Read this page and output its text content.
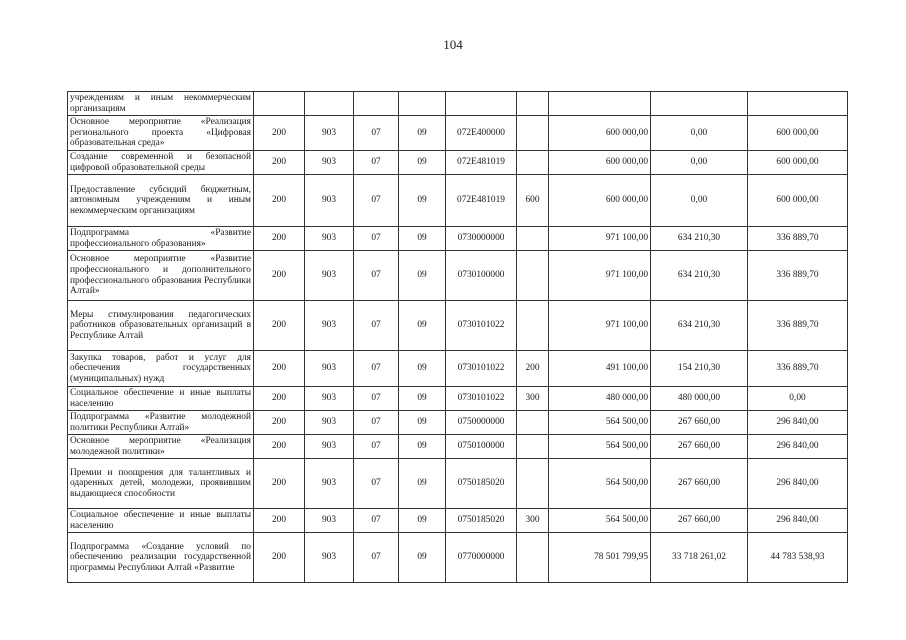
104
учреждениям и иным некоммерческим организациям									
Основное мероприятие «Реализация регионального проекта «Цифровая образовательная среда»	200	903	07	09	072E400000		600 000,00	0,00	600 000,00
Создание современной и безопасной цифровой образовательной среды	200	903	07	09	072E481019		600 000,00	0,00	600 000,00
Предоставление субсидий бюджетным, автономным учреждениям и иным некоммерческим организациям	200	903	07	09	072E481019	600	600 000,00	0,00	600 000,00
Подпрограмма «Развитие профессионального образования»	200	903	07	09	0730000000		971 100,00	634 210,30	336 889,70
Основное мероприятие «Развитие профессионального и дополнительного профессионального образования Республики Алтай»	200	903	07	09	0730100000		971 100,00	634 210,30	336 889,70
Меры стимулирования педагогических работников образовательных организаций в Республике Алтай	200	903	07	09	0730101022		971 100,00	634 210,30	336 889,70
Закупка товаров, работ и услуг для обеспечения государственных (муниципальных) нужд	200	903	07	09	0730101022	200	491 100,00	154 210,30	336 889,70
Социальное обеспечение и иные выплаты населению	200	903	07	09	0730101022	300	480 000,00	480 000,00	0,00
Подпрограмма «Развитие молодежной политики Республики Алтай»	200	903	07	09	0750000000		564 500,00	267 660,00	296 840,00
Основное мероприятие «Реализация молодежной политики»	200	903	07	09	0750100000		564 500,00	267 660,00	296 840,00
Премии и поощрения для талантливых и одаренных детей, молодежи, проявившим выдающиеся способности	200	903	07	09	0750185020		564 500,00	267 660,00	296 840,00
Социальное обеспечение и иные выплаты населению	200	903	07	09	0750185020	300	564 500,00	267 660,00	296 840,00
Подпрограмма «Создание условий по обеспечению реализации государственной программы Республики Алтай «Развитие	200	903	07	09	0770000000		78 501 799,95	33 718 261,02	44 783 538,93
